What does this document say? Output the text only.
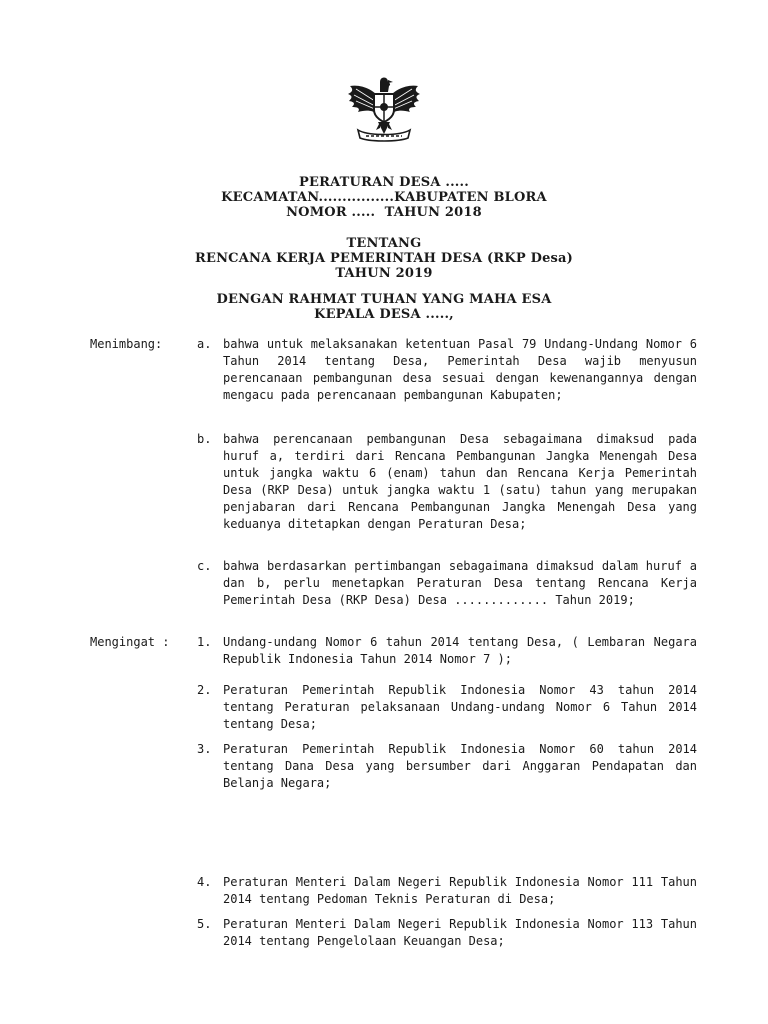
PERATURAN DESA .....
KECAMATAN................KABUPATEN BLORA
NOMOR .....  TAHUN 2018
TENTANG
RENCANA KERJA PEMERINTAH DESA (RKP Desa)
TAHUN 2019
DENGAN RAHMAT TUHAN YANG MAHA ESA
KEPALA DESA .....,
Menimbang:	a. bahwa untuk melaksanakan ketentuan Pasal 79 Undang-Undang Nomor 6 Tahun 2014 tentang Desa, Pemerintah Desa wajib menyusun perencanaan pembangunan desa sesuai dengan kewenangannya dengan mengacu pada perencanaan pembangunan Kabupaten;
b. bahwa perencanaan pembangunan Desa sebagaimana dimaksud pada huruf a, terdiri dari Rencana Pembangunan Jangka Menengah Desa untuk jangka waktu 6 (enam) tahun dan Rencana Kerja Pemerintah Desa (RKP Desa) untuk jangka waktu 1 (satu) tahun yang merupakan penjabaran dari Rencana Pembangunan Jangka Menengah Desa yang keduanya ditetapkan dengan Peraturan Desa;
c. bahwa berdasarkan pertimbangan sebagaimana dimaksud dalam huruf a dan b, perlu menetapkan Peraturan Desa tentang Rencana Kerja Pemerintah Desa (RKP Desa) Desa ............. Tahun 2019;
Mengingat : 1. Undang-undang Nomor 6 tahun 2014 tentang Desa, ( Lembaran Negara Republik Indonesia Tahun 2014 Nomor 7 );
2. Peraturan Pemerintah Republik Indonesia Nomor 43 tahun 2014 tentang Peraturan pelaksanaan Undang-undang Nomor 6 Tahun 2014 tentang Desa;
3. Peraturan Pemerintah Republik Indonesia Nomor 60 tahun 2014 tentang Dana Desa yang bersumber dari Anggaran Pendapatan dan Belanja Negara;
4. Peraturan Menteri Dalam Negeri Republik Indonesia Nomor 111 Tahun 2014 tentang Pedoman Teknis Peraturan di Desa;
5. Peraturan Menteri Dalam Negeri Republik Indonesia Nomor 113 Tahun 2014 tentang Pengelolaan Keuangan Desa;
